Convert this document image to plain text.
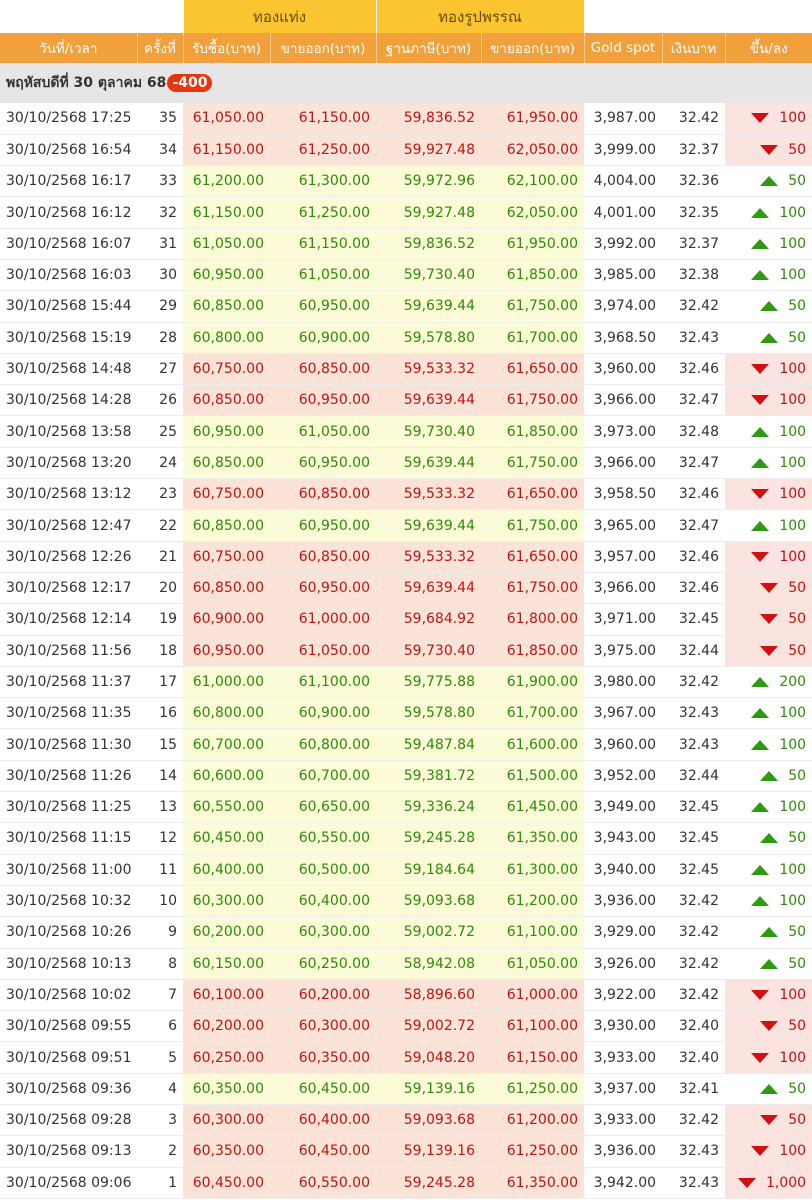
		ทองแท่ง		ทองรูปพรรณ				
วันที่/เวลา	ครั้งที่	รับซื้อ(บาท)	ขายออก(บาท)	ฐานภาษี(บาท)	ขายออก(บาท)	Gold spot	เงินบาท	ขึ้น/ลง
พฤหัสบดีที่ 30 ตุลาคม 68 -400								
30/10/2568 17:25	35	61,050.00	61,150.00	59,836.52	61,950.00	3,987.00	32.42	100
30/10/2568 16:54	34	61,150.00	61,250.00	59,927.48	62,050.00	3,999.00	32.37	50
30/10/2568 16:17	33	61,200.00	61,300.00	59,972.96	62,100.00	4,004.00	32.36	50
30/10/2568 16:12	32	61,150.00	61,250.00	59,927.48	62,050.00	4,001.00	32.35	100
30/10/2568 16:07	31	61,050.00	61,150.00	59,836.52	61,950.00	3,992.00	32.37	100
30/10/2568 16:03	30	60,950.00	61,050.00	59,730.40	61,850.00	3,985.00	32.38	100
30/10/2568 15:44	29	60,850.00	60,950.00	59,639.44	61,750.00	3,974.00	32.42	50
30/10/2568 15:19	28	60,800.00	60,900.00	59,578.80	61,700.00	3,968.50	32.43	50
30/10/2568 14:48	27	60,750.00	60,850.00	59,533.32	61,650.00	3,960.00	32.46	100
30/10/2568 14:28	26	60,850.00	60,950.00	59,639.44	61,750.00	3,966.00	32.47	100
30/10/2568 13:58	25	60,950.00	61,050.00	59,730.40	61,850.00	3,973.00	32.48	100
30/10/2568 13:20	24	60,850.00	60,950.00	59,639.44	61,750.00	3,966.00	32.47	100
30/10/2568 13:12	23	60,750.00	60,850.00	59,533.32	61,650.00	3,958.50	32.46	100
30/10/2568 12:47	22	60,850.00	60,950.00	59,639.44	61,750.00	3,965.00	32.47	100
30/10/2568 12:26	21	60,750.00	60,850.00	59,533.32	61,650.00	3,957.00	32.46	100
30/10/2568 12:17	20	60,850.00	60,950.00	59,639.44	61,750.00	3,966.00	32.46	50
30/10/2568 12:14	19	60,900.00	61,000.00	59,684.92	61,800.00	3,971.00	32.45	50
30/10/2568 11:56	18	60,950.00	61,050.00	59,730.40	61,850.00	3,975.00	32.44	50
30/10/2568 11:37	17	61,000.00	61,100.00	59,775.88	61,900.00	3,980.00	32.42	200
30/10/2568 11:35	16	60,800.00	60,900.00	59,578.80	61,700.00	3,967.00	32.43	100
30/10/2568 11:30	15	60,700.00	60,800.00	59,487.84	61,600.00	3,960.00	32.43	100
30/10/2568 11:26	14	60,600.00	60,700.00	59,381.72	61,500.00	3,952.00	32.44	50
30/10/2568 11:25	13	60,550.00	60,650.00	59,336.24	61,450.00	3,949.00	32.45	100
30/10/2568 11:15	12	60,450.00	60,550.00	59,245.28	61,350.00	3,943.00	32.45	50
30/10/2568 11:00	11	60,400.00	60,500.00	59,184.64	61,300.00	3,940.00	32.45	100
30/10/2568 10:32	10	60,300.00	60,400.00	59,093.68	61,200.00	3,936.00	32.42	100
30/10/2568 10:26	9	60,200.00	60,300.00	59,002.72	61,100.00	3,929.00	32.42	50
30/10/2568 10:13	8	60,150.00	60,250.00	58,942.08	61,050.00	3,926.00	32.42	50
30/10/2568 10:02	7	60,100.00	60,200.00	58,896.60	61,000.00	3,922.00	32.42	100
30/10/2568 09:55	6	60,200.00	60,300.00	59,002.72	61,100.00	3,930.00	32.40	50
30/10/2568 09:51	5	60,250.00	60,350.00	59,048.20	61,150.00	3,933.00	32.40	100
30/10/2568 09:36	4	60,350.00	60,450.00	59,139.16	61,250.00	3,937.00	32.41	50
30/10/2568 09:28	3	60,300.00	60,400.00	59,093.68	61,200.00	3,933.00	32.42	50
30/10/2568 09:13	2	60,350.00	60,450.00	59,139.16	61,250.00	3,936.00	32.43	100
30/10/2568 09:06	1	60,450.00	60,550.00	59,245.28	61,350.00	3,942.00	32.43	1,000
